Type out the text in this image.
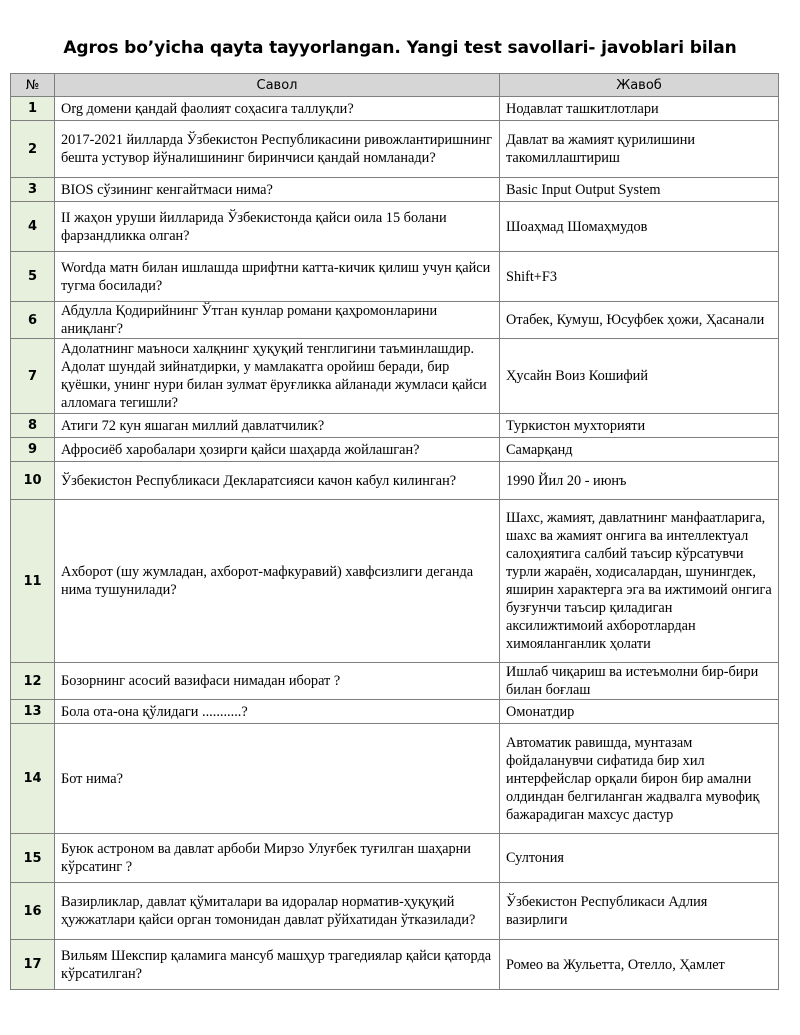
Agros bo’yicha qayta tayyorlangan. Yangi test savollari- javoblari bilan
№	Савол	Жавоб
1	Org домени қандай фаолият соҳасига таллуқли?	Нодавлат ташкитлотлари
2	2017-2021 йилларда Ўзбекистон Республикасини ривожлантиришнинг бешта устувор йўналишининг биринчиси қандай номланади?	Давлат ва жамият қурилишини такомиллаштириш
3	BIOS сўзининг кенгайтмаси нима?	Basic Input Output System
4	II жаҳон уруши йилларида Ўзбекистонда қайси оила 15 болани фарзандликка олган?	Шоаҳмад Шомаҳмудов
5	Wordда матн билан ишлашда шрифтни катта-кичик қилиш учун қайси тугма босилади?	Shift+F3
6	Абдулла Қодирийнинг Ўтган кунлар романи қаҳромонларини аниқланг?	Отабек, Кумуш, Юсуфбек ҳожи, Ҳасанали
7	Адолатнинг маъноси халқнинг ҳуқуқий тенглигини таъминлашдир. Адолат шундай зийнатдирки, у мамлакатга оройиш беради, бир қуёшки, унинг нури билан зулмат ёруғликка айланади жумласи қайси алломага тегишли?	Ҳусайн Воиз Кошифий
8	Атиги 72 кун яшаган миллий давлатчилик?	Туркистон мухторияти
9	Афросиёб харобалари ҳозирги қайси шаҳарда жойлашган?	Самарқанд
10	Ўзбекистон Республикаси Декларатсияси качон кабул килинган?	1990 Йил 20 - июнъ
11	Ахборот (шу жумладан, ахборот-мафкуравий) хавфсизлиги деганда нима тушунилади?	Шахс, жамият, давлатнинг манфаатларига, шахс ва жамият онгига ва интеллектуал салоҳиятига салбий таъсир кўрсатувчи турли жараён, ходисалардан, шунингдек, яширин характерга эга ва ижтимоий онгига бузғунчи таъсир қиладиган аксилижтимоий ахборотлардан химояланганлик ҳолати
12	Бозорнинг асосий вазифаси нимадан иборат ?	Ишлаб чиқариш ва истеъмолни бир-бири билан боғлаш
13	Бола ота-она қўлидаги ...........?	Омонатдир
14	Бот нима?	Автоматик равишда, мунтазам фойдаланувчи сифатида бир хил интерфейслар орқали бирон бир амални олдиндан белгиланган жадвалга мувофиқ бажарадиган махсус дастур
15	Буюк астроном ва давлат арбоби Мирзо Улуғбек туғилган шаҳарни кўрсатинг ?	Султония
16	Вазирликлар, давлат қўмиталари ва идоралар норматив-ҳуқуқий ҳужжатлари қайси орган томонидан давлат рўйхатидан ўтказилади?	Ўзбекистон Республикаси Адлия вазирлиги
17	Вильям Шекспир қаламига мансуб машҳур трагедиялар қайси қаторда кўрсатилган?	Ромео ва Жульетта, Отелло, Ҳамлет
